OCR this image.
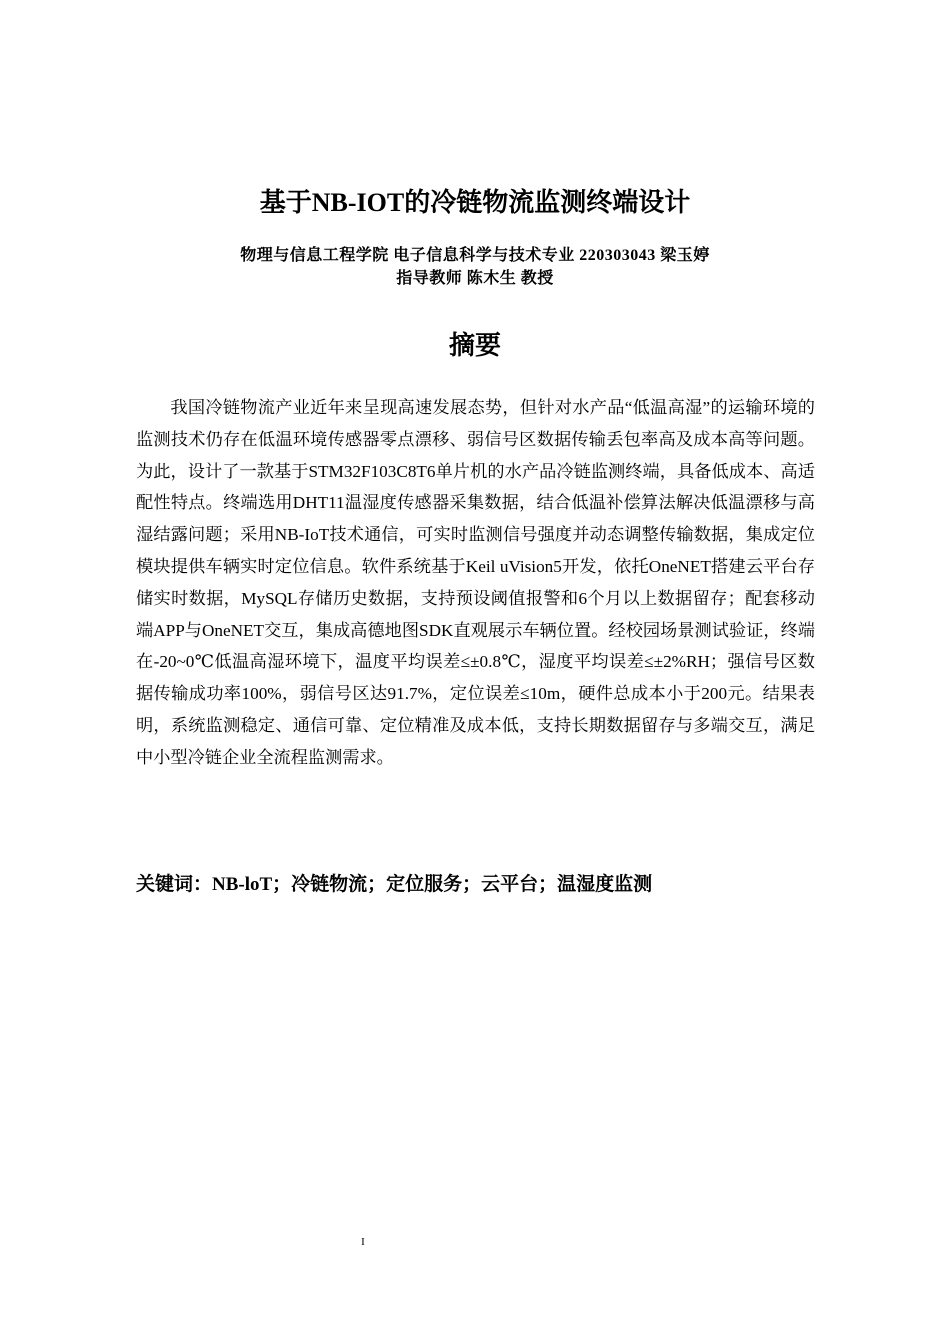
基于NB-IOT的冷链物流监测终端设计
物理与信息工程学院 电子信息科学与技术专业 220303043 梁玉婷
指导教师 陈木生 教授
摘要

我国冷链物流产业近年来呈现高速发展态势，但针对水产品“低温高湿”的运输环境的监测技术仍存在低温环境传感器零点漂移、弱信号区数据传输丢包率高及成本高等问题。为此，设计了一款基于STM32F103C8T6单片机的水产品冷链监测终端，具备低成本、高适配性特点。终端选用DHT11温湿度传感器采集数据，结合低温补偿算法解决低温漂移与高湿结露问题；采用NB-IoT技术通信，可实时监测信号强度并动态调整传输数据，集成定位模块提供车辆实时定位信息。软件系统基于Keil uVision5开发，依托OneNET搭建云平台存储实时数据，MySQL存储历史数据，支持预设阈值报警和6个月以上数据留存；配套移动端APP与OneNET交互，集成高德地图SDK直观展示车辆位置。经校园场景测试验证，终端在-20~0℃低温高湿环境下，温度平均误差≤±0.8℃，湿度平均误差≤±2%RH；强信号区数据传输成功率100%，弱信号区达91.7%，定位误差≤10m，硬件总成本小于200元。结果表明，系统监测稳定、通信可靠、定位精准及成本低，支持长期数据留存与多端交互，满足中小型冷链企业全流程监测需求。

关键词：NB-loT；冷链物流；定位服务；云平台；温湿度监测
I
